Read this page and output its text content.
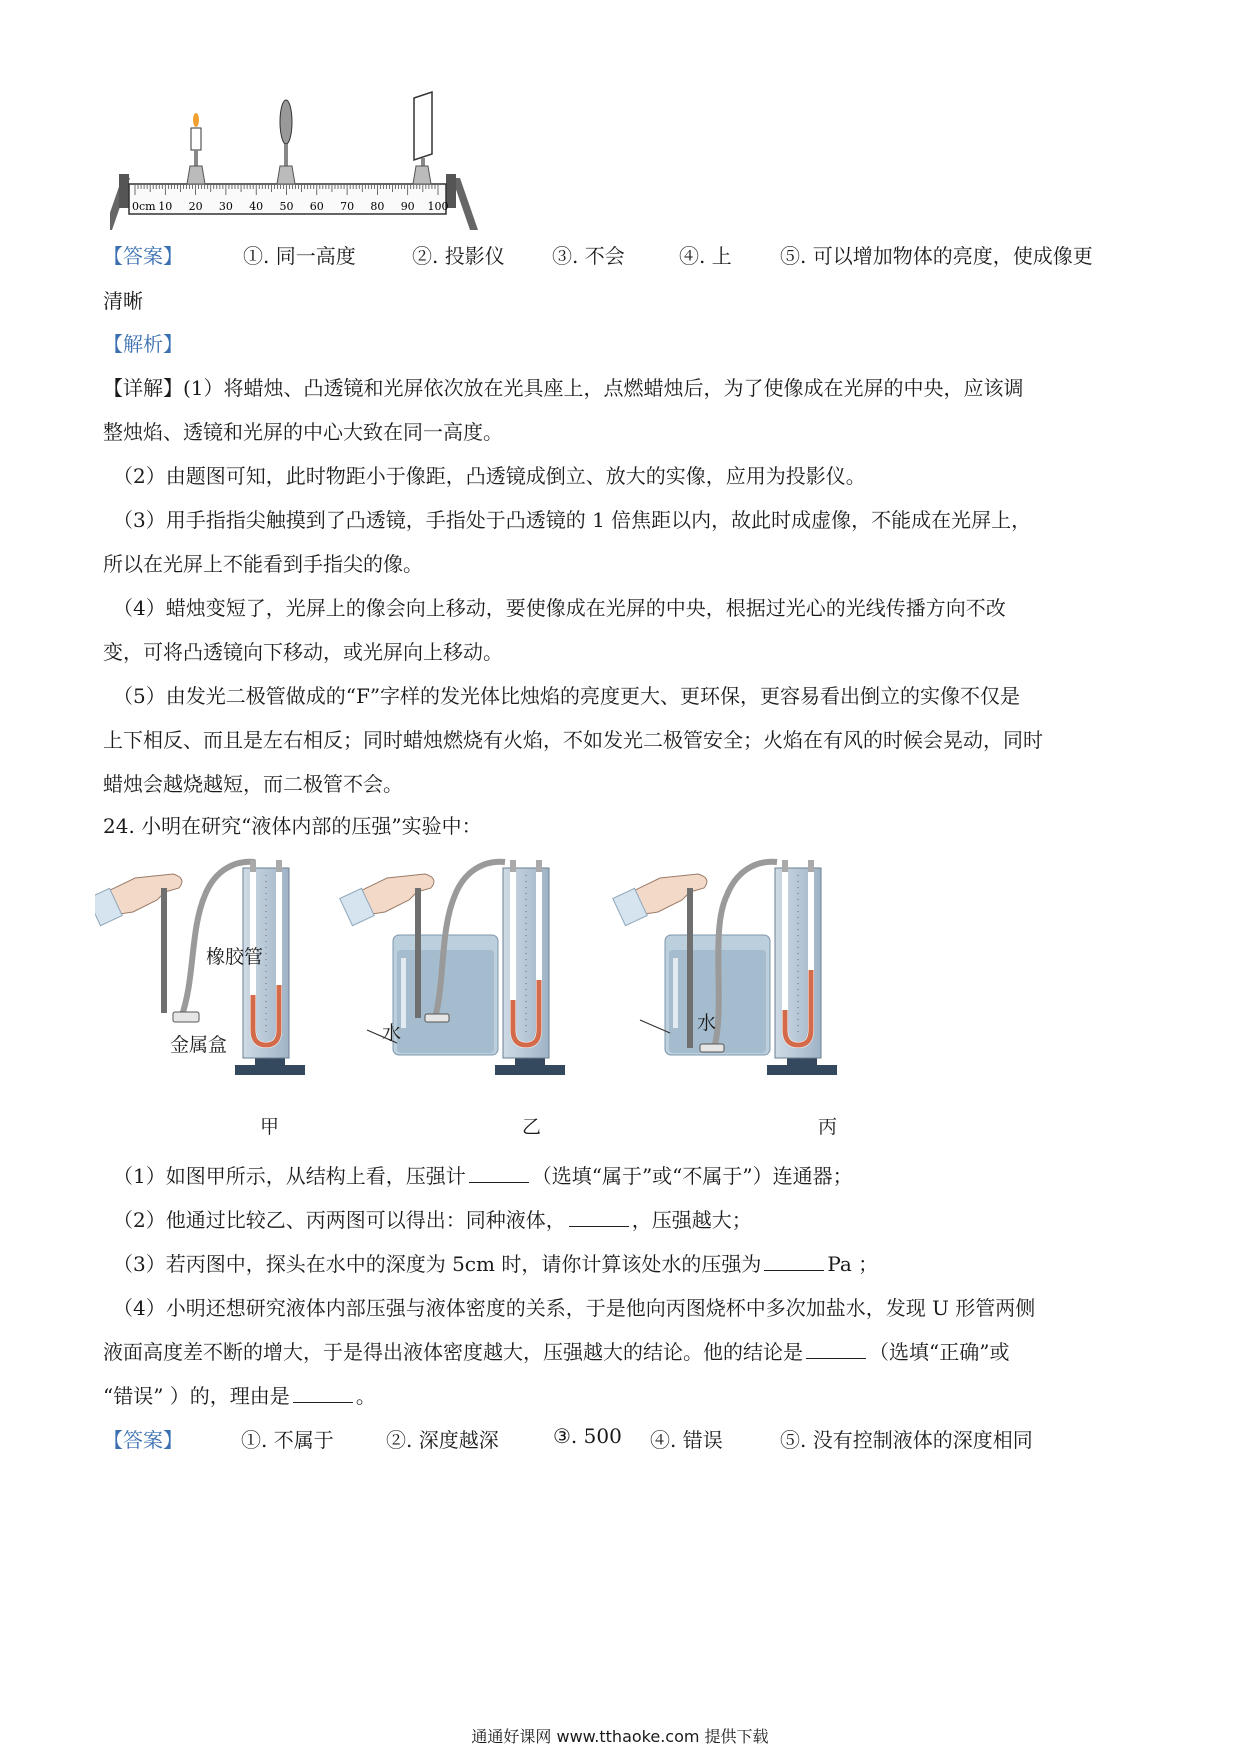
0cm 10 20 30 40 50 60 70 80 90 100
【答案】	①. 同一高度	②. 投影仪 ③. 不会	④. 上 ⑤. 可以增加物体的亮度，使成像更
清晰
【解析】
【详解】(1）将蜡烛、凸透镜和光屏依次放在光具座上，点燃蜡烛后，为了使像成在光屏的中央，应该调
整烛焰、透镜和光屏的中心大致在同一高度。
（2）由题图可知，此时物距小于像距，凸透镜成倒立、放大的实像，应用为投影仪。
（3）用手指指尖触摸到了凸透镜，手指处于凸透镜的 1 倍焦距以内，故此时成虚像，不能成在光屏上，
所以在光屏上不能看到手指尖的像。
（4）蜡烛变短了，光屏上的像会向上移动，要使像成在光屏的中央，根据过光心的光线传播方向不改
变，可将凸透镜向下移动，或光屏向上移动。
（5）由发光二极管做成的“F”字样的发光体比烛焰的亮度更大、更环保，更容易看出倒立的实像不仅是
上下相反、而且是左右相反；同时蜡烛燃烧有火焰，不如发光二极管安全；火焰在有风的时候会晃动，同时
蜡烛会越烧越短，而二极管不会。
24. 小明在研究“液体内部的压强”实验中：
橡胶管
金属盒
水	水
甲	乙	丙
（1）如图甲所示，从结构上看，压强计	（选填“属于”或“不属于”）连通器；
（2）他通过比较乙、丙两图可以得出：同种液体，	，压强越大；
（3）若丙图中，探头在水中的深度为 5cm 时，请你计算该处水的压强为	Pa ；
（4）小明还想研究液体内部压强与液体密度的关系，于是他向丙图烧杯中多次加盐水，发现 U 形管两侧
液面高度差不断的增大，于是得出液体密度越大，压强越大的结论。他的结论是	（选填“正确”或
“错误” ）的，理由是	。
【答案】	①. 不属于	②. 深度越深	③. 500 ④. 错误	⑤. 没有控制液体的深度相同
通通好课网 www.tthaoke.com 提供下载
